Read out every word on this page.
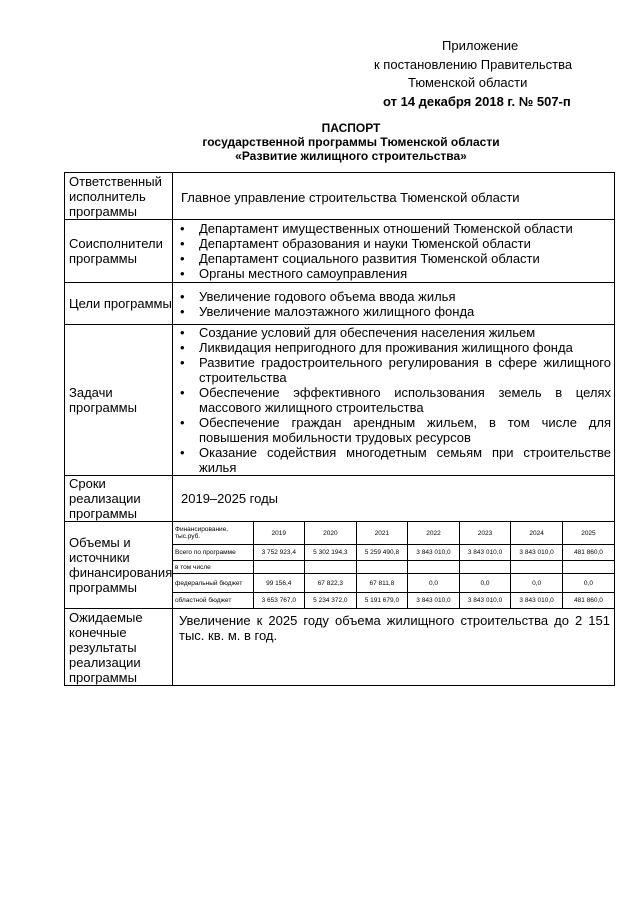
Приложение
к постановлению Правительства
Тюменской области
от 14 декабря 2018 г. № 507-п
ПАСПОРТ
государственной программы Тюменской области
«Развитие жилищного строительства»
Ответственный исполнитель программы	Главное управление строительства Тюменской области
Соисполнители программы	
• Департамент имущественных отношений Тюменской области
• Департамент образования и науки Тюменской области
• Департамент социального развития Тюменской области
• Органы местного самоуправления

Цели программы	
•Увеличение годового объема ввода жилья
• Увеличение малоэтажного жилищного фонда

Задачи программы	
• Создание условий для обеспечения населения жильем
• Ликвидация непригодного для проживания жилищного фонда
• Развитие градостроительного регулирования в сфере жилищного строительства
• Обеспечение эффективного использования земель в целях массового жилищного строительства
• Обеспечение граждан арендным жильем, в том числе для повышения мобильности трудовых ресурсов
• Оказание содействия многодетным семьям при строительстве жилья

Сроки реализации программы	2019–2025 годы
Объемы и источники финансирования программы	
Финансирование, тыс.руб.	2019	2020	2021	2022	2023	2024	2025
Всего по программе	3 752 923,4	5 302 194,3	5 259 490,8	3 843 010,0	3 843 010,0	3 843 010,0	481 860,0
в том числе							
федеральный бюджет	99 156,4	67 822,3	67 811,8	0,0	0,0	0,0	0,0
областной бюджет	3 653 767,0	5 234 372,0	5 191 679,0	3 843 010,0	3 843 010,0	3 843 010,0	481 860,0

Ожидаемые конечные результаты реализации программы	Увеличение к 2025 году объема жилищного строительства до 2 151 тыс. кв. м. в год.
